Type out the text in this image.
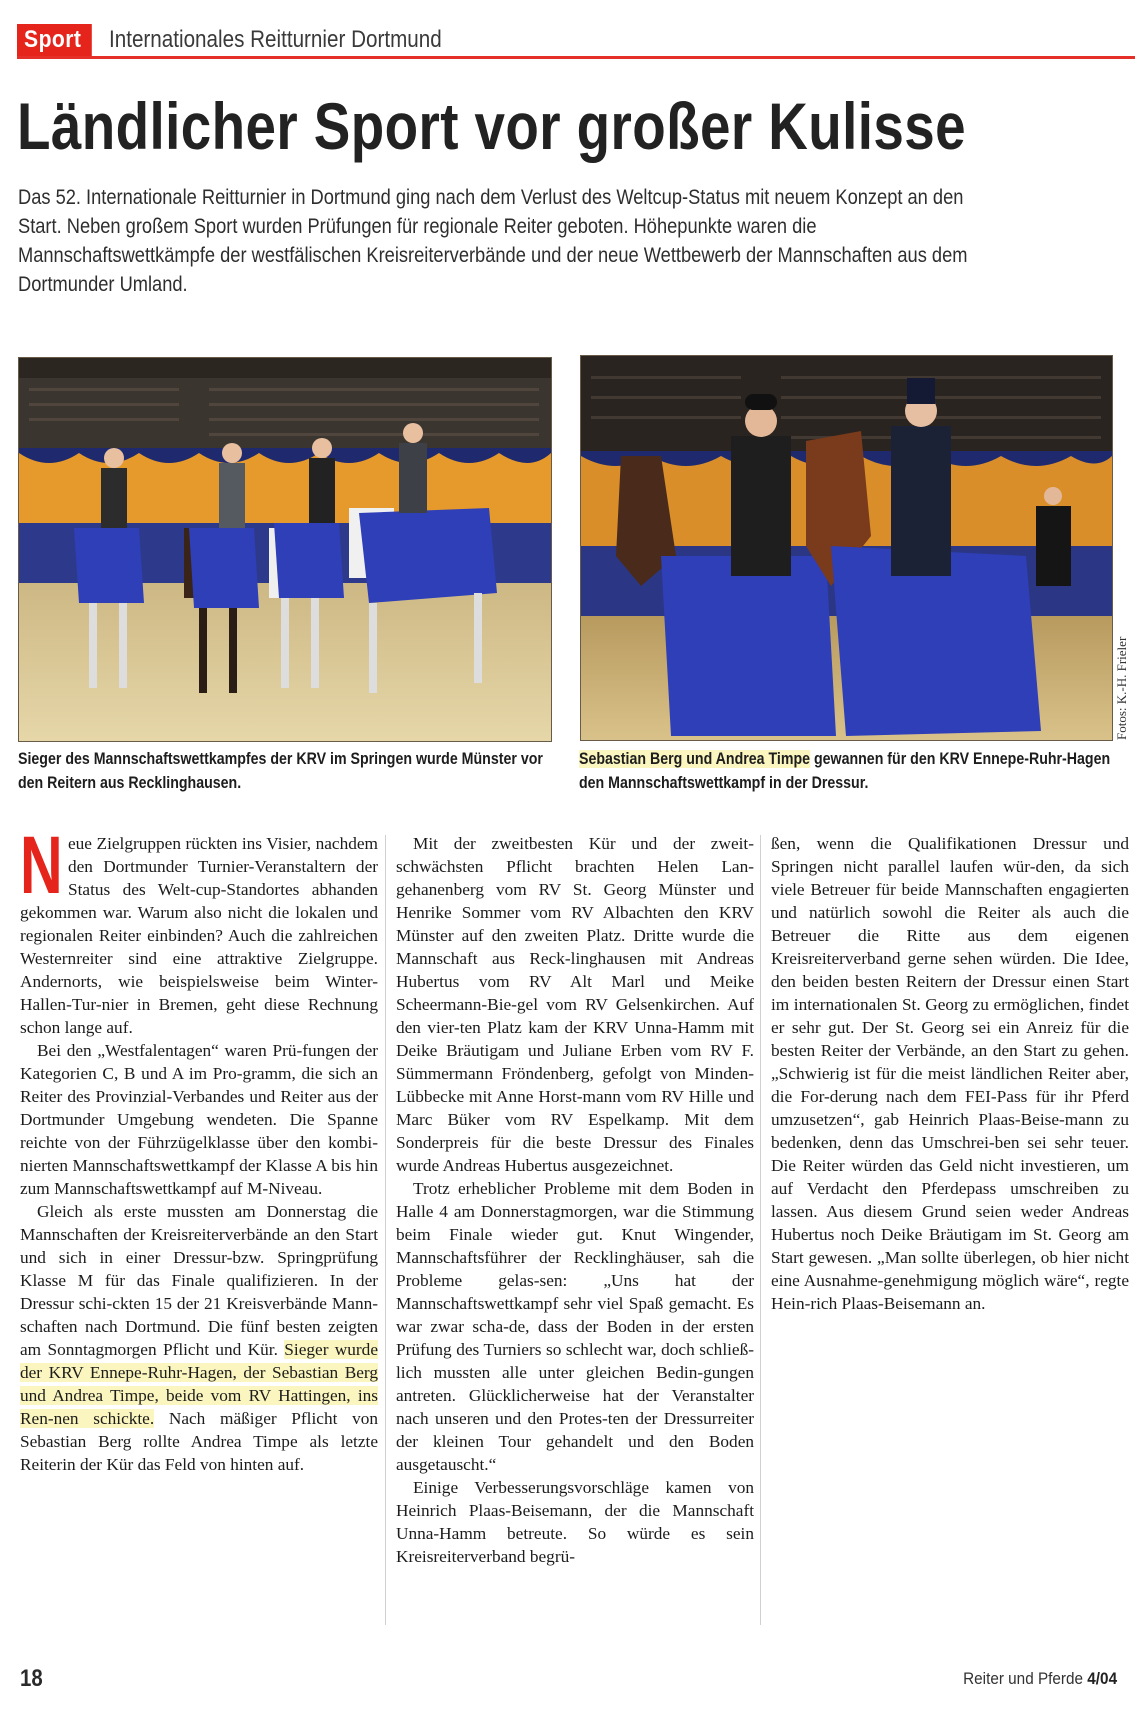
Sport	Internationales Reitturnier Dortmund
Ländlicher Sport vor großer Kulisse

Das 52. Internationale Reitturnier in Dortmund ging nach dem Verlust des Weltcup-Status mit neuem Konzept an den Start. Neben großem Sport wurden Prüfungen für regionale Reiter geboten. Höhepunkte waren die Mannschaftswettkämpfe der westfälischen Kreisreiterverbände und der neue Wettbewerb der Mannschaften aus dem Dortmunder Umland.

Fotos: K.-H. Frieler

Sieger des Mannschaftswettkampfes der KRV im Springen wurde Münster vor den Reitern aus Recklinghausen.

Sebastian Berg und Andrea Timpe gewannen für den KRV Ennepe-Ruhr-Hagen den Mannschaftswettkampf in der Dressur.

Neue Zielgruppen rückten ins Visier, nachdem den Dortmunder Turnier-Veranstaltern der Status des Welt-cup-Standortes abhanden gekommen war. Warum also nicht die lokalen und regionalen Reiter einbinden? Auch die zahlreichen Westernreiter sind eine attraktive Zielgruppe. Andernorts, wie beispielsweise beim Winter-Hallen-Tur-nier in Bremen, geht diese Rechnung schon lange auf.

Bei den „Westfalentagen“ waren Prü-fungen der Kategorien C, B und A im Pro-gramm, die sich an Reiter des Provinzial-Verbandes und Reiter aus der Dortmunder Umgebung wendeten. Die Spanne reichte von der Führzügelklasse über den kombi-nierten Mannschaftswettkampf der Klasse A bis hin zum Mannschaftswettkampf auf M-Niveau.

Gleich als erste mussten am Donnerstag die Mannschaften der Kreisreiterverbände an den Start und sich in einer Dressur-bzw. Springprüfung Klasse M für das Finale qualifizieren. In der Dressur schi-ckten 15 der 21 Kreisverbände Mann-schaften nach Dortmund. Die fünf besten zeigten am Sonntagmorgen Pflicht und Kür. Sieger wurde der KRV Ennepe-Ruhr-Hagen, der Sebastian Berg und Andrea Timpe, beide vom RV Hattingen, ins Ren-nen schickte. Nach mäßiger Pflicht von Sebastian Berg rollte Andrea Timpe als letzte Reiterin der Kür das Feld von hinten auf.

Mit der zweitbesten Kür und der zweit-schwächsten Pflicht brachten Helen Lan-gehanenberg vom RV St. Georg Münster und Henrike Sommer vom RV Albachten den KRV Münster auf den zweiten Platz. Dritte wurde die Mannschaft aus Reck-linghausen mit Andreas Hubertus vom RV Alt Marl und Meike Scheermann-Bie-gel vom RV Gelsenkirchen. Auf den vier-ten Platz kam der KRV Unna-Hamm mit Deike Bräutigam und Juliane Erben vom RV F. Sümmermann Fröndenberg, gefolgt von Minden-Lübbecke mit Anne Horst-mann vom RV Hille und Marc Büker vom RV Espelkamp. Mit dem Sonderpreis für die beste Dressur des Finales wurde Andreas Hubertus ausgezeichnet.

Trotz erheblicher Probleme mit dem Boden in Halle 4 am Donnerstagmorgen, war die Stimmung beim Finale wieder gut. Knut Wingender, Mannschaftsführer der Recklinghäuser, sah die Probleme gelas-sen: „Uns hat der Mannschaftswettkampf sehr viel Spaß gemacht. Es war zwar scha-de, dass der Boden in der ersten Prüfung des Turniers so schlecht war, doch schließ-lich mussten alle unter gleichen Bedin-gungen antreten. Glücklicherweise hat der Veranstalter nach unseren und den Protes-ten der Dressurreiter der kleinen Tour gehandelt und den Boden ausgetauscht.“

Einige Verbesserungsvorschläge kamen von Heinrich Plaas-Beisemann, der die Mannschaft Unna-Hamm betreute. So würde es sein Kreisreiterverband begrü-

ßen, wenn die Qualifikationen Dressur und Springen nicht parallel laufen wür-den, da sich viele Betreuer für beide Mannschaften engagierten und natürlich sowohl die Reiter als auch die Betreuer die Ritte aus dem eigenen Kreisreiterverband gerne sehen würden. Die Idee, den beiden besten Reitern der Dressur einen Start im internationalen St. Georg zu ermöglichen, findet er sehr gut. Der St. Georg sei ein Anreiz für die besten Reiter der Verbände, an den Start zu gehen. „Schwierig ist für die meist ländlichen Reiter aber, die For-derung nach dem FEI-Pass für ihr Pferd umzusetzen“, gab Heinrich Plaas-Beise-mann zu bedenken, denn das Umschrei-ben sei sehr teuer. Die Reiter würden das Geld nicht investieren, um auf Verdacht den Pferdepass umschreiben zu lassen. Aus diesem Grund seien weder Andreas Hubertus noch Deike Bräutigam im St. Georg am Start gewesen. „Man sollte überlegen, ob hier nicht eine Ausnahme-genehmigung möglich wäre“, regte Hein-rich Plaas-Beisemann an.

18	Reiter und Pferde 4/04
